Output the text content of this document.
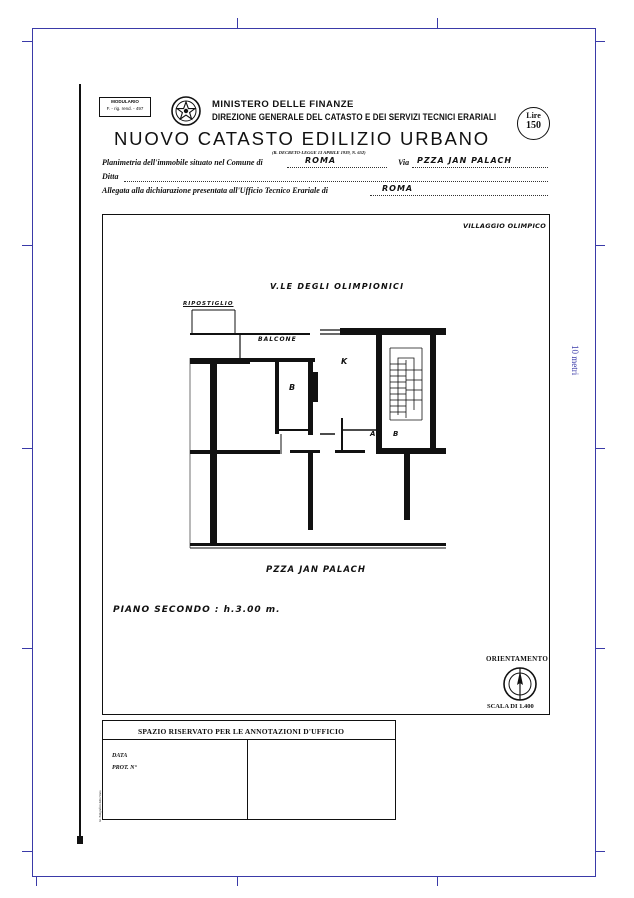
10 metri
MODULARIO
F. - rig. rend. - 497	MINISTERO DELLE FINANZE
DIREZIONE GENERALE DEL CATASTO E DEI SERVIZI TECNICI ERARIALI
NUOVO CATASTO EDILIZIO URBANO
(R. DECRETO-LEGGE 13 APRILE 1939, N. 652)
Lire
150
Planimetria dell'immobile situato nel Comune di	ROMA	Via PZZA JAN PALACH
Ditta
Allegata alla dichiarazione presentata all'Ufficio Tecnico Erariale di	ROMA
VILLAGGIO OLIMPICO
V.LE DEGLI OLIMPIONICI
RIPOSTIGLIO
BALCONE
B
K
A B
PZZA JAN PALACH
PIANO SECONDO : h.3.00 m.
ORIENTAMENTO
SCALA DI 1.400
SPAZIO RISERVATO PER LE ANNOTAZIONI D'UFFICIO
DATA
PROT. N°
Ist. Poligrafico dello Stato
